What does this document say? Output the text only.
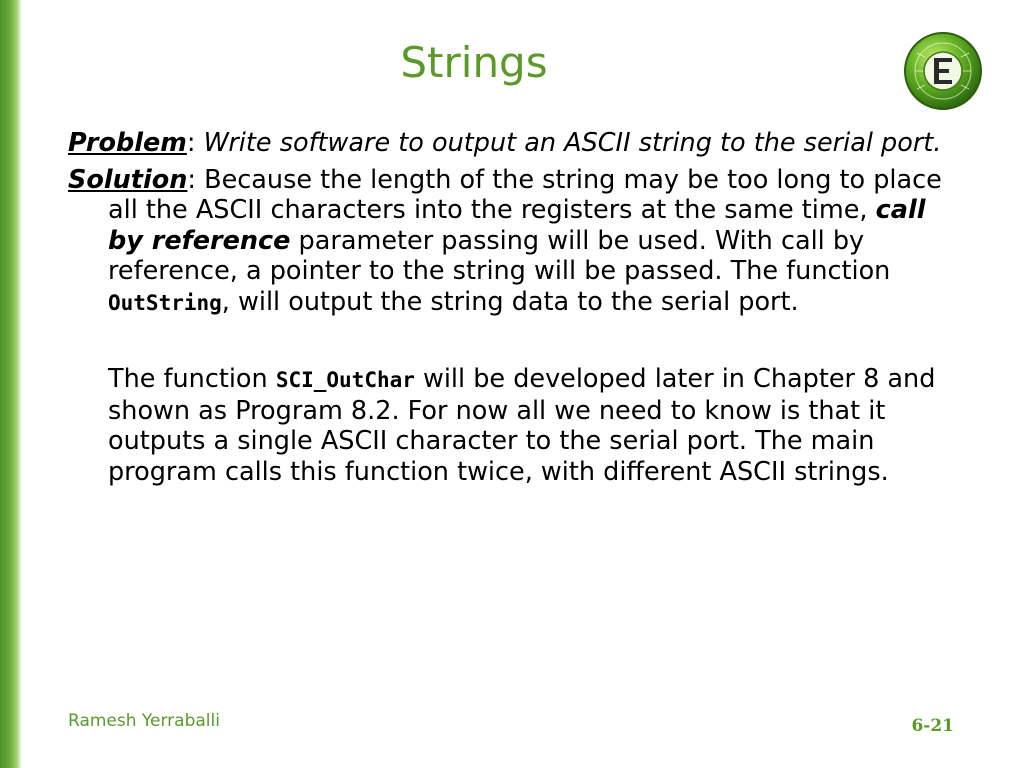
Strings

Problem: Write software to output an ASCII string to the serial port.

Solution: Because the length of the string may be too long to place all the ASCII characters into the registers at the same time, call by reference parameter passing will be used. With call by reference, a pointer to the string will be passed. The function OutString, will output the string data to the serial port.

The function SCI_OutChar will be developed later in Chapter 8 and shown as Program 8.2. For now all we need to know is that it outputs a single ASCII character to the serial port. The main program calls this function twice, with different ASCII strings.

Ramesh Yerraballi	6-21
